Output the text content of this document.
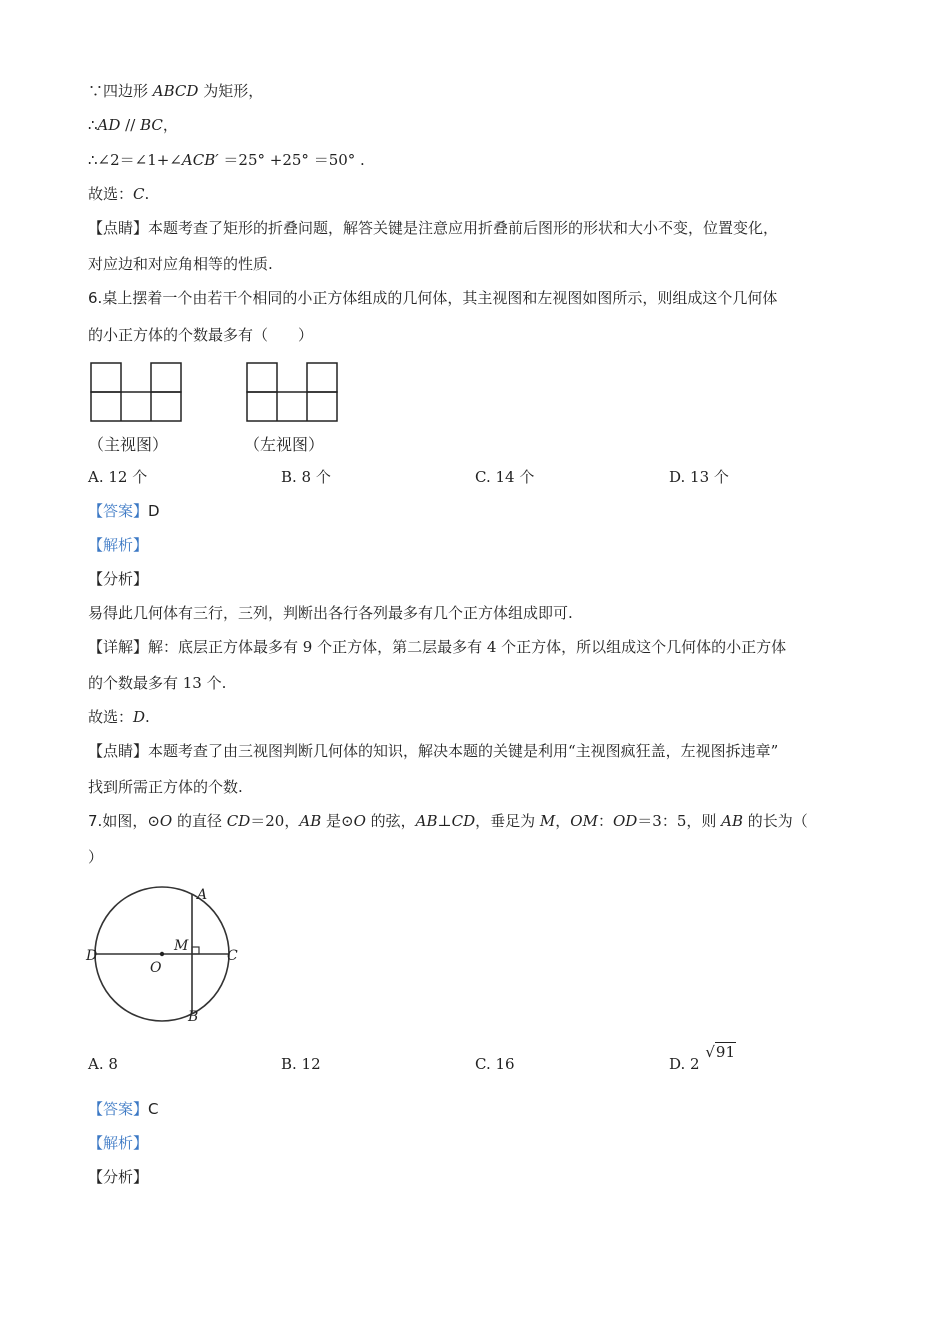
∵四边形 ABCD 为矩形，
∴AD // BC，
∴∠2＝∠1+∠ACB′ ＝25° +25° ＝50° .
故选：C.
【点睛】本题考查了矩形的折叠问题，解答关键是注意应用折叠前后图形的形状和大小不变，位置变化，
对应边和对应角相等的性质.
6.桌上摆着一个由若干个相同的小正方体组成的几何体，其主视图和左视图如图所示，则组成这个几何体
的小正方体的个数最多有（　　）
（主视图）	（左视图）
A. 12 个	B. 8 个	C. 14 个	D. 13 个
【答案】D
【解析】
【分析】
易得此几何体有三行，三列，判断出各行各列最多有几个正方体组成即可.
【详解】解：底层正方体最多有 9 个正方体，第二层最多有 4 个正方体，所以组成这个几何体的小正方体
的个数最多有 13 个.
故选：D.
【点睛】本题考查了由三视图判断几何体的知识，解决本题的关键是利用“主视图疯狂盖，左视图拆违章”
找到所需正方体的个数.
7.如图，⊙O 的直径 CD＝20，AB 是⊙O 的弦，AB⊥CD，垂足为 M，OM：OD＝3：5，则 AB 的长为（
）
A
B
C
D
O
M
A. 8	B. 12	C. 16	D. 2 √91
【答案】C
【解析】
【分析】
